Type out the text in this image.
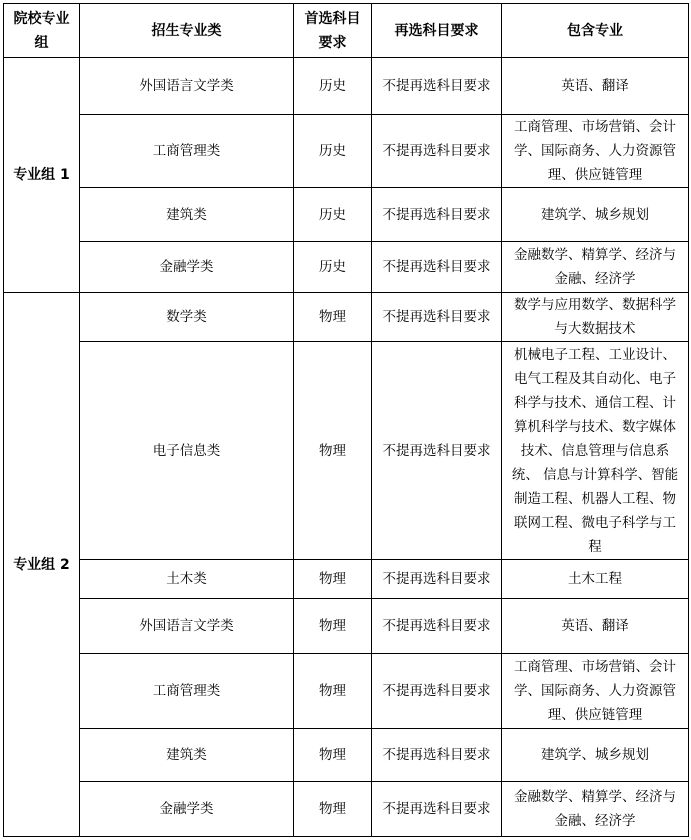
院校专业组	招生专业类	首选科目要求	再选科目要求	包含专业
专业组 1	外国语言文学类	历史	不提再选科目要求	英语、翻译
	工商管理类	历史	不提再选科目要求	工商管理、市场营销、会计学、国际商务、人力资源管理、供应链管理
	建筑类	历史	不提再选科目要求	建筑学、城乡规划
	金融学类	历史	不提再选科目要求	金融数学、精算学、经济与金融、经济学
专业组 2	数学类	物理	不提再选科目要求	数学与应用数学、数据科学与大数据技术
	电子信息类	物理	不提再选科目要求	机械电子工程、工业设计、电气工程及其自动化、电子科学与技术、通信工程、计算机科学与技术、数字媒体技术、信息管理与信息系统、 信息与计算科学、智能制造工程、机器人工程、物联网工程、微电子科学与工程
	土木类	物理	不提再选科目要求	土木工程
	外国语言文学类	物理	不提再选科目要求	英语、翻译
	工商管理类	物理	不提再选科目要求	工商管理、市场营销、会计学、国际商务、人力资源管理、供应链管理
	建筑类	物理	不提再选科目要求	建筑学、城乡规划
	金融学类	物理	不提再选科目要求	金融数学、精算学、经济与金融、经济学
